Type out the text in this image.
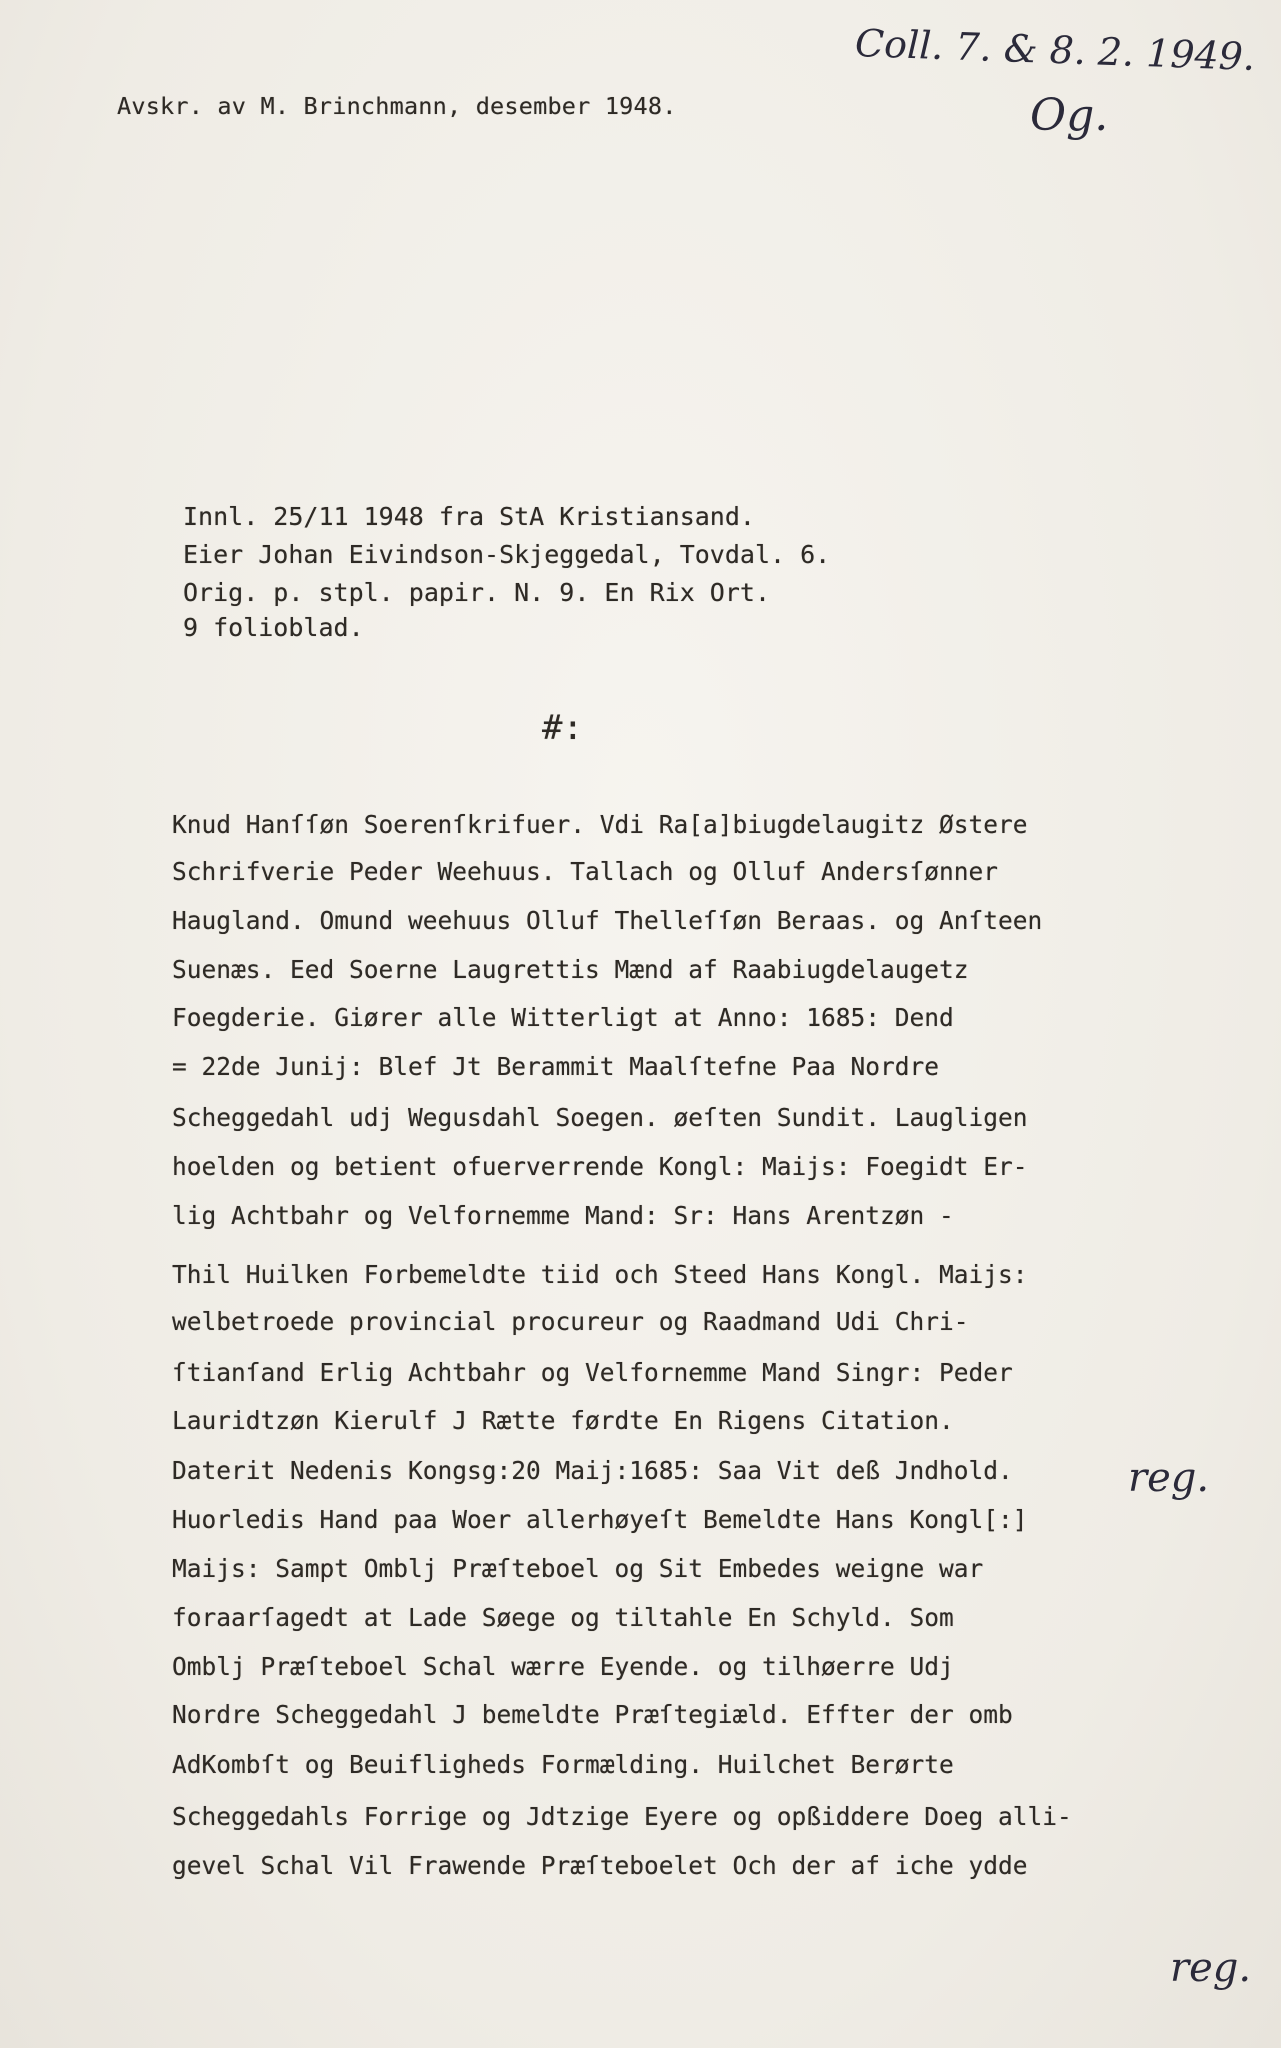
Avskr. av M. Brinchmann, desember 1948.
Coll. 7. & 8. 2. 1949.
Og.
Innl. 25/11 1948 fra StA Kristiansand.
Eier Johan Eivindson-Skjeggedal, Tovdal. 6.
Orig. p. stpl. papir. N. 9. En Rix Ort.
9 folioblad.
#:
Knud Hanſſøn Soerenſkrifuer. Vdi Ra[a]biugdelaugitz Østere
Schrifverie Peder Weehuus. Tallach og Olluf Andersſønner
Haugland. Omund weehuus Olluf Thelleſſøn Beraas. og Anſteen
Suenæs. Eed Soerne Laugrettis Mænd af Raabiugdelaugetz
Foegderie. Giører alle Witterligt at Anno: 1685: Dend
= 22de Junij: Blef Jt Berammit Maalſtefne Paa Nordre
Scheggedahl udj Wegusdahl Soegen. øeſten Sundit. Laugligen
hoelden og betient ofuerverrende Kongl: Maijs: Foegidt Er-
lig Achtbahr og Velfornemme Mand: Sr: Hans Arentzøn -
Thil Huilken Forbemeldte tiid och Steed Hans Kongl. Maijs:
welbetroede provincial procureur og Raadmand Udi Chri-
ſtianſand Erlig Achtbahr og Velfornemme Mand Singr: Peder
Lauridtzøn Kierulf J Rætte førdte En Rigens Citation.
Daterit Nedenis Kongsg:20 Maij:1685: Saa Vit deß Jndhold.
Huorledis Hand paa Woer allerhøyeſt Bemeldte Hans Kongl[:]
Maijs: Sampt Omblj Præſteboel og Sit Embedes weigne war
foraarſagedt at Lade Søege og tiltahle En Schyld. Som
Omblj Præſteboel Schal wærre Eyende. og tilhøerre Udj
Nordre Scheggedahl J bemeldte Præſtegiæld. Effter der omb
AdKombſt og Beuifligheds Formælding. Huilchet Berørte
Scheggedahls Forrige og Jdtzige Eyere og opßiddere Doeg alli-
gevel Schal Vil Frawende Præſteboelet Och der af iche ydde
reg.
reg.
